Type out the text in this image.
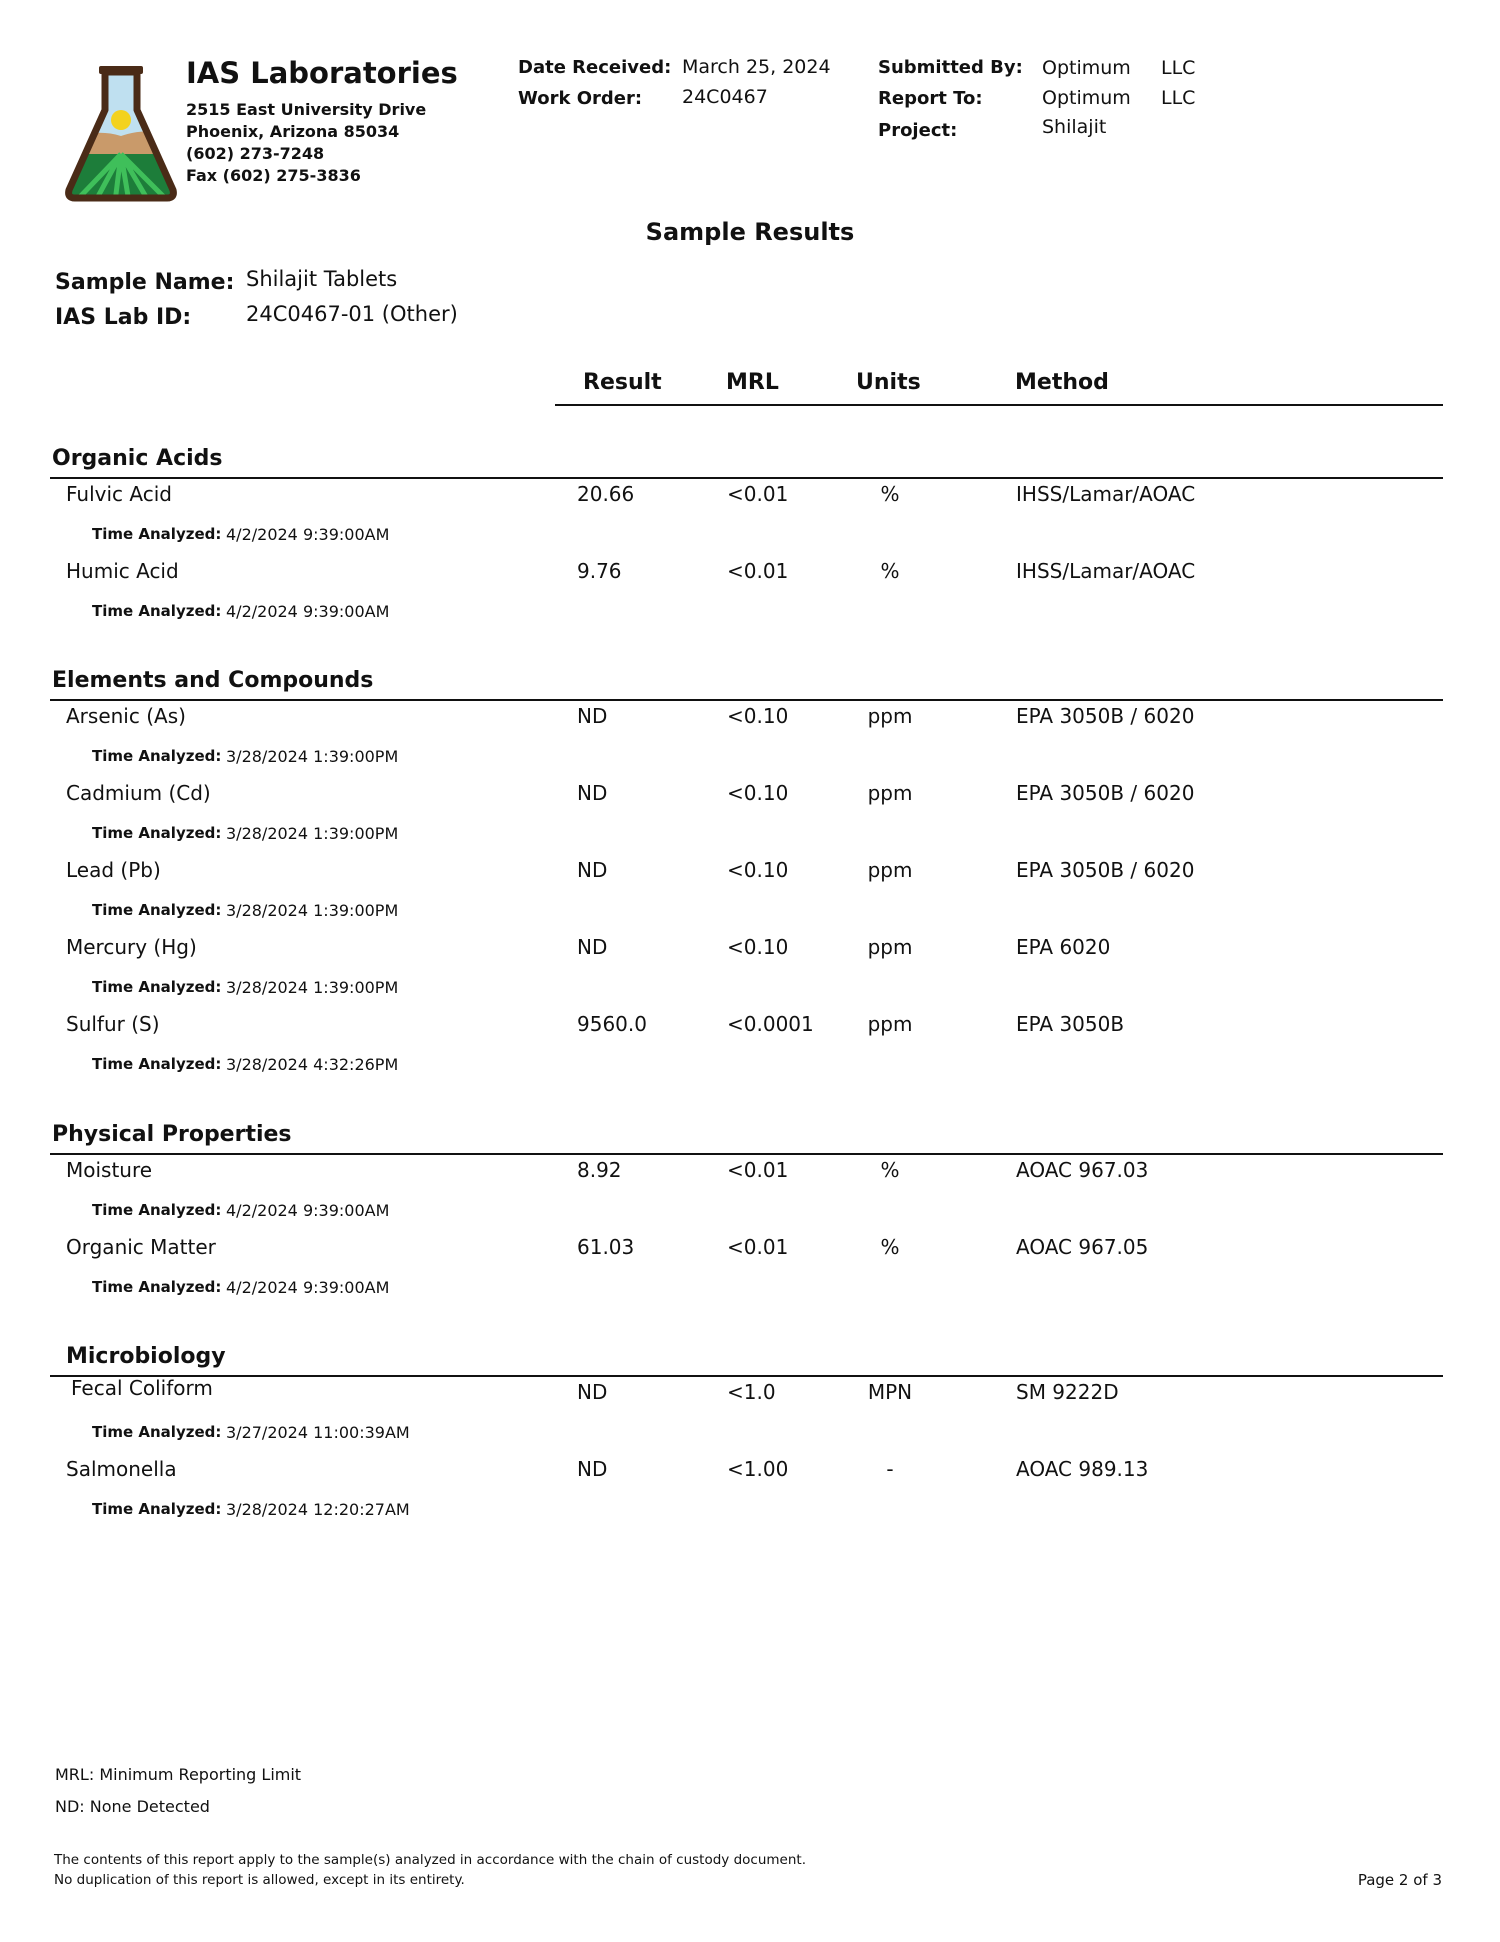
IAS Laboratories
2515 East University Drive
Phoenix, Arizona 85034
(602) 273-7248
Fax (602) 275-3836
Date Received: March 25, 2024
Work Order: 24C0467
Submitted By: Optimum     LLC
Report To:	Optimum     LLC
Project:	Shilajit
Sample Results
Sample Name: Shilajit Tablets
IAS Lab ID:	24C0467-01 (Other)
Result	MRL	Units	Method
Organic Acids
Fulvic Acid	20.66	<0.01	%	IHSS/Lamar/AOAC
Time Analyzed: 4/2/2024 9:39:00AM
Humic Acid	9.76	<0.01	%	IHSS/Lamar/AOAC
Time Analyzed: 4/2/2024 9:39:00AM
Elements and Compounds
Arsenic (As)	ND	<0.10	ppm	EPA 3050B / 6020
Time Analyzed: 3/28/2024 1:39:00PM
Cadmium (Cd)	ND	<0.10	ppm	EPA 3050B / 6020
Time Analyzed: 3/28/2024 1:39:00PM
Lead (Pb)	ND	<0.10	ppm	EPA 3050B / 6020
Time Analyzed: 3/28/2024 1:39:00PM
Mercury (Hg)	ND	<0.10	ppm	EPA 6020
Time Analyzed: 3/28/2024 1:39:00PM
Sulfur (S)	9560.0	<0.0001	ppm	EPA 3050B
Time Analyzed: 3/28/2024 4:32:26PM
Physical Properties
Moisture	8.92	<0.01	%	AOAC 967.03
Time Analyzed: 4/2/2024 9:39:00AM
Organic Matter	61.03	<0.01	%	AOAC 967.05
Time Analyzed: 4/2/2024 9:39:00AM
Microbiology
Fecal Coliform	ND	<1.0	MPN	SM 9222D
Time Analyzed: 3/27/2024 11:00:39AM
Salmonella	ND	<1.00	-	AOAC 989.13
Time Analyzed: 3/28/2024 12:20:27AM
MRL: Minimum Reporting Limit
ND: None Detected
The contents of this report apply to the sample(s) analyzed in accordance with the chain of custody document.
No duplication of this report is allowed, except in its entirety.	Page 2 of 3
